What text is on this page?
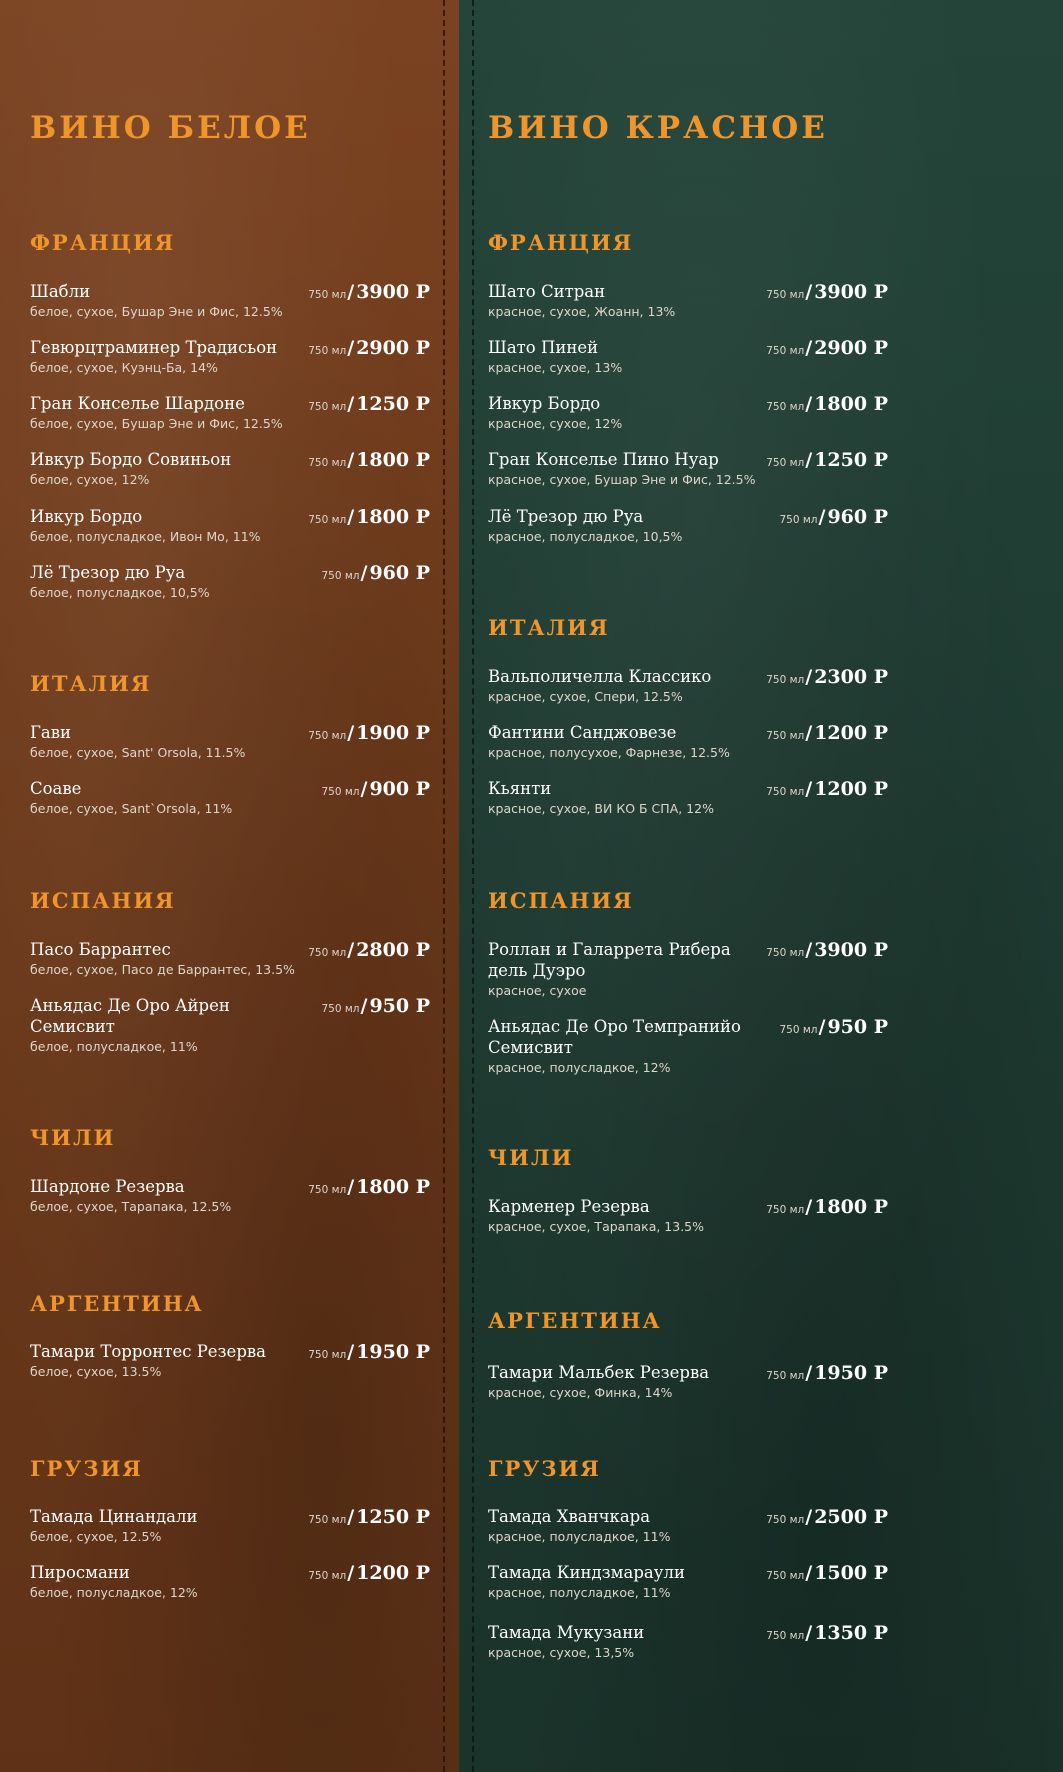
ВИНО БЕЛОЕ
ФРАНЦИЯ
Шабли
белое, сухое, Бушар Эне и Фис, 12.5%
750 мл/ 3900 Р
Гевюрцтраминер Традисьон
белое, сухое, Куэнц-Ба, 14%
750 мл/ 2900 Р
Гран Конселье Шардоне
белое, сухое, Бушар Эне и Фис, 12.5%
750 мл/ 1250 Р
Ивкур Бордо Совиньон
белое, сухое, 12%
750 мл/ 1800 Р
Ивкур Бордо
белое, полусладкое, Ивон Мо, 11%
750 мл/ 1800 Р
Лё Трезор дю Руа
белое, полусладкое, 10,5%
750 мл/ 960 Р
ИТАЛИЯ
Гави
белое, сухое, Sant' Orsola, 11.5%
750 мл/ 1900 Р
Соаве
белое, сухое, Sant`Orsola, 11%
750 мл/ 900 Р
ИСПАНИЯ
Пасо Баррантес
белое, сухое, Пасо де Баррантес, 13.5%
750 мл/ 2800 Р
Аньядас Де Оро Айрен Семисвит
белое, полусладкое, 11%
750 мл/ 950 Р
ЧИЛИ
Шардоне Резерва
белое, сухое, Тарапака, 12.5%
750 мл/ 1800 Р
АРГЕНТИНА
Тамари Торронтес Резерва
белое, сухое, 13.5%
750 мл/ 1950 Р
ГРУЗИЯ
Тамада Цинандали
белое, сухое, 12.5%
750 мл/ 1250 Р
Пиросмани
белое, полусладкое, 12%
750 мл/ 1200 Р
ВИНО КРАСНОЕ
ФРАНЦИЯ
Шато Ситран
красное, сухое, Жоанн, 13%
750 мл/ 3900 Р
Шато Пиней
красное, сухое, 13%
750 мл/ 2900 Р
Ивкур Бордо
красное, сухое, 12%
750 мл/ 1800 Р
Гран Конселье Пино Нуар
красное, сухое, Бушар Эне и Фис, 12.5%
750 мл/ 1250 Р
Лё Трезор дю Руа
красное, полусладкое, 10,5%
750 мл/ 960 Р
ИТАЛИЯ
Вальполичелла Классико
красное, сухое, Спери, 12.5%
750 мл/ 2300 Р
Фантини Санджовезе
красное, полусухое, Фарнезе, 12.5%
750 мл/ 1200 Р
Кьянти
красное, сухое, ВИ КО Б СПА, 12%
750 мл/ 1200 Р
ИСПАНИЯ
Роллан и Галаррета Рибера дель Дуэро
красное, сухое
750 мл/ 3900 Р
Аньядас Де Оро Темпранийо Семисвит
красное, полусладкое, 12%
750 мл/ 950 Р
ЧИЛИ
Карменер Резерва
красное, сухое, Тарапака, 13.5%
750 мл/ 1800 Р
АРГЕНТИНА
Тамари Мальбек Резерва
красное, сухое, Финка, 14%
750 мл/ 1950 Р
ГРУЗИЯ
Тамада Хванчкара
красное, полусладкое, 11%
750 мл/ 2500 Р
Тамада Киндзмараули
красное, полусладкое, 11%
750 мл/ 1500 Р
Тамада Мукузани
красное, сухое, 13,5%
750 мл/ 1350 Р
